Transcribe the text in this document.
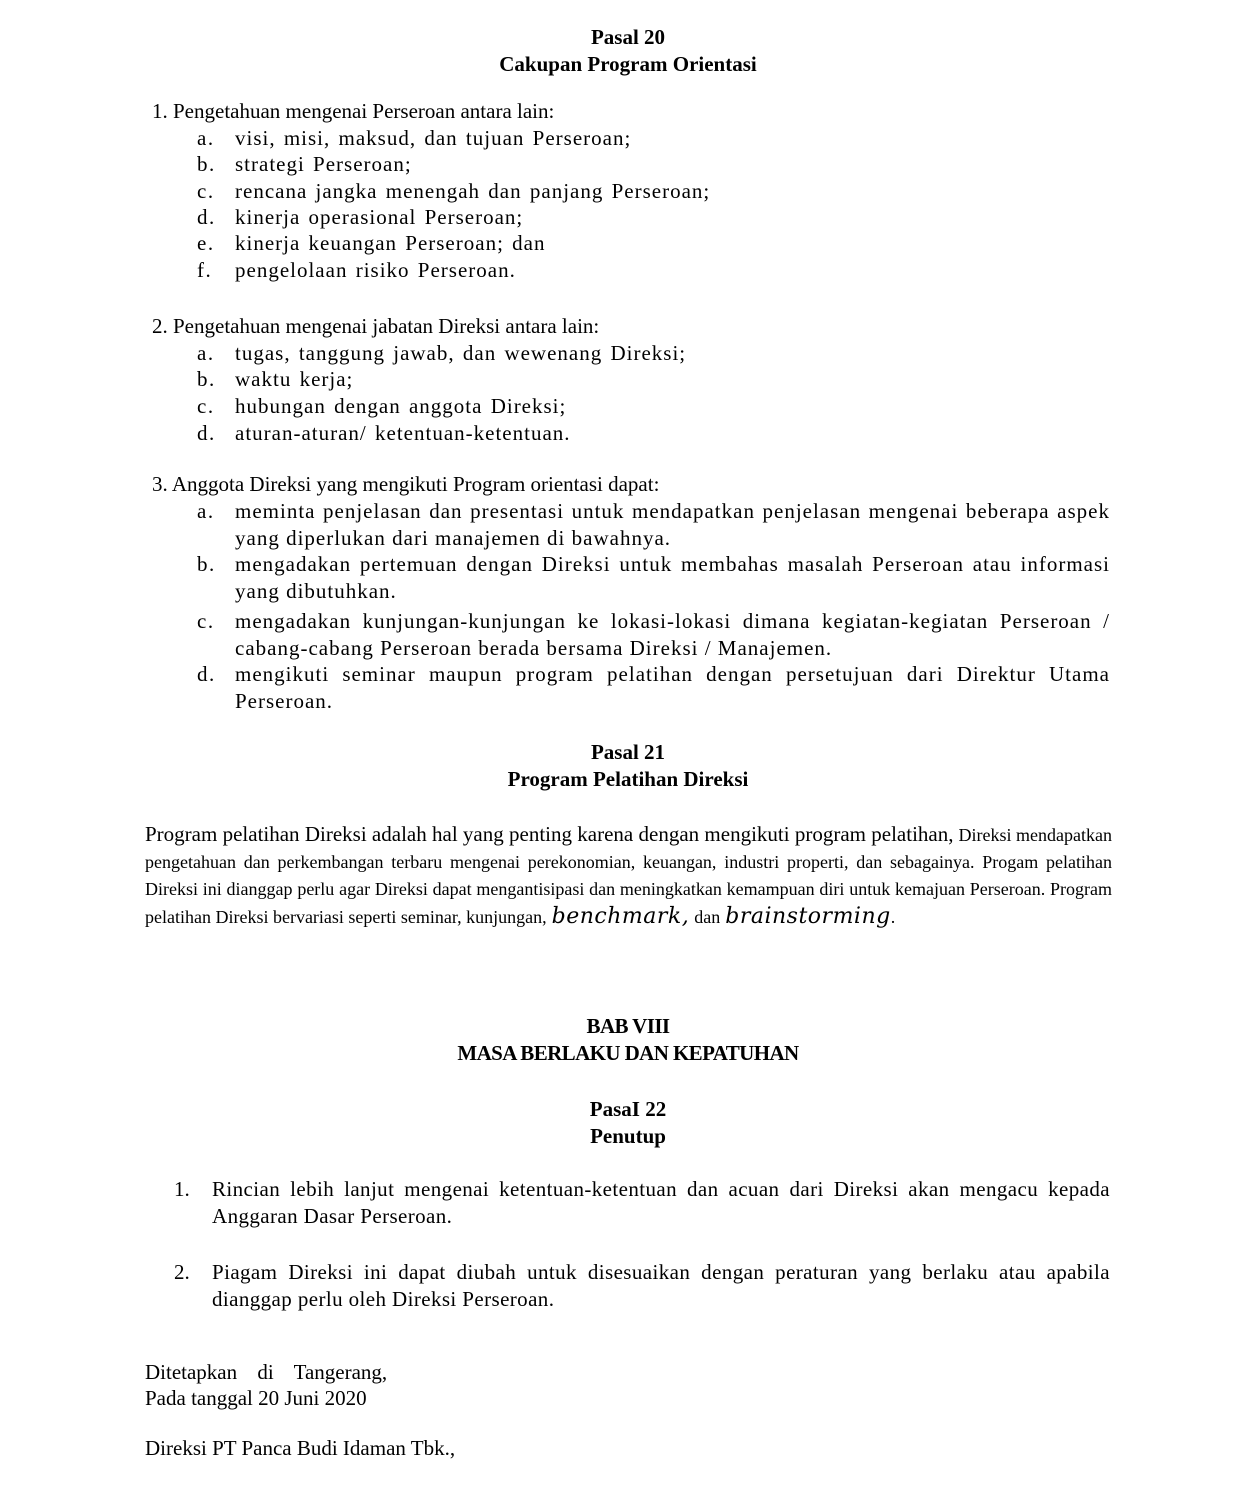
Pasal 20
Cakupan Program Orientasi
1. Pengetahuan mengenai Perseroan antara lain:
a. visi, misi, maksud, dan tujuan Perseroan;
b. strategi Perseroan;
c. rencana jangka menengah dan panjang Perseroan;
d. kinerja operasional Perseroan;
e. kinerja keuangan Perseroan; dan
f. pengelolaan risiko Perseroan.
2. Pengetahuan mengenai jabatan Direksi antara lain:
a. tugas, tanggung jawab, dan wewenang Direksi;
b. waktu kerja;
c. hubungan dengan anggota Direksi;
d. aturan-aturan/ ketentuan-ketentuan.
3. Anggota Direksi yang mengikuti Program orientasi dapat:
a. meminta penjelasan dan presentasi untuk mendapatkan penjelasan mengenai beberapa aspek yang diperlukan dari manajemen di bawahnya.
b. mengadakan pertemuan dengan Direksi untuk membahas masalah Perseroan atau informasi yang dibutuhkan.
c. mengadakan kunjungan-kunjungan ke lokasi-lokasi dimana kegiatan-kegiatan Perseroan / cabang-cabang Perseroan berada bersama Direksi / Manajemen.
d. mengikuti seminar maupun program pelatihan dengan persetujuan dari Direktur Utama Perseroan.
Pasal 21
Program Pelatihan Direksi
Program pelatihan Direksi adalah hal yang penting karena dengan mengikuti program pelatihan, Direksi mendapatkan pengetahuan dan perkembangan terbaru mengenai perekonomian, keuangan, industri properti, dan sebagainya. Progam pelatihan Direksi ini dianggap perlu agar Direksi dapat mengantisipasi dan meningkatkan kemampuan diri untuk kemajuan Perseroan. Program pelatihan Direksi bervariasi seperti seminar, kunjungan, benchmark, dan brainstorming.
BAB VIII
MASA BERLAKU DAN KEPATUHAN
PasaI 22
Penutup
1. Rincian lebih lanjut mengenai ketentuan-ketentuan dan acuan dari Direksi akan mengacu kepada Anggaran Dasar Perseroan.
2. Piagam Direksi ini dapat diubah untuk disesuaikan dengan peraturan yang berlaku atau apabila dianggap perlu oleh Direksi Perseroan.
Ditetapkan di Tangerang,
Pada tanggal 20 Juni 2020
Direksi PT Panca Budi Idaman Tbk.,
